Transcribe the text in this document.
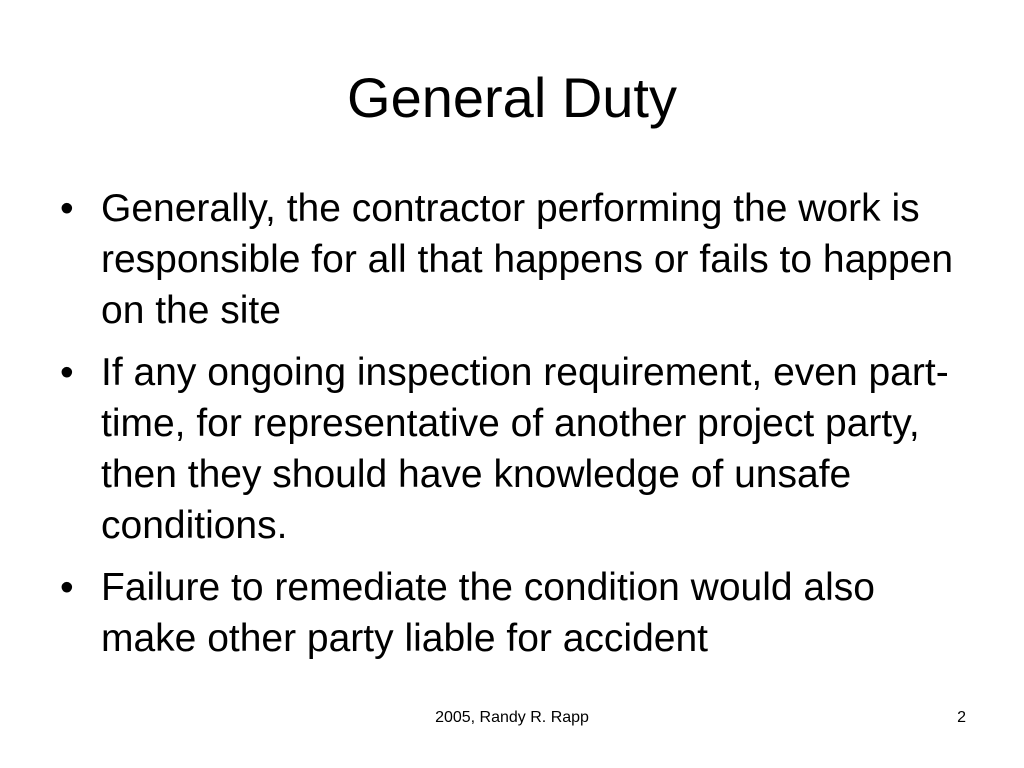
General Duty
• Generally, the contractor performing the work is responsible for all that happens or fails to happen on the site
• If any ongoing inspection requirement, even part-time, for representative of another project party, then they should have knowledge of unsafe conditions.
• Failure to remediate the condition would also make other party liable for accident
2005, Randy R. Rapp	2
